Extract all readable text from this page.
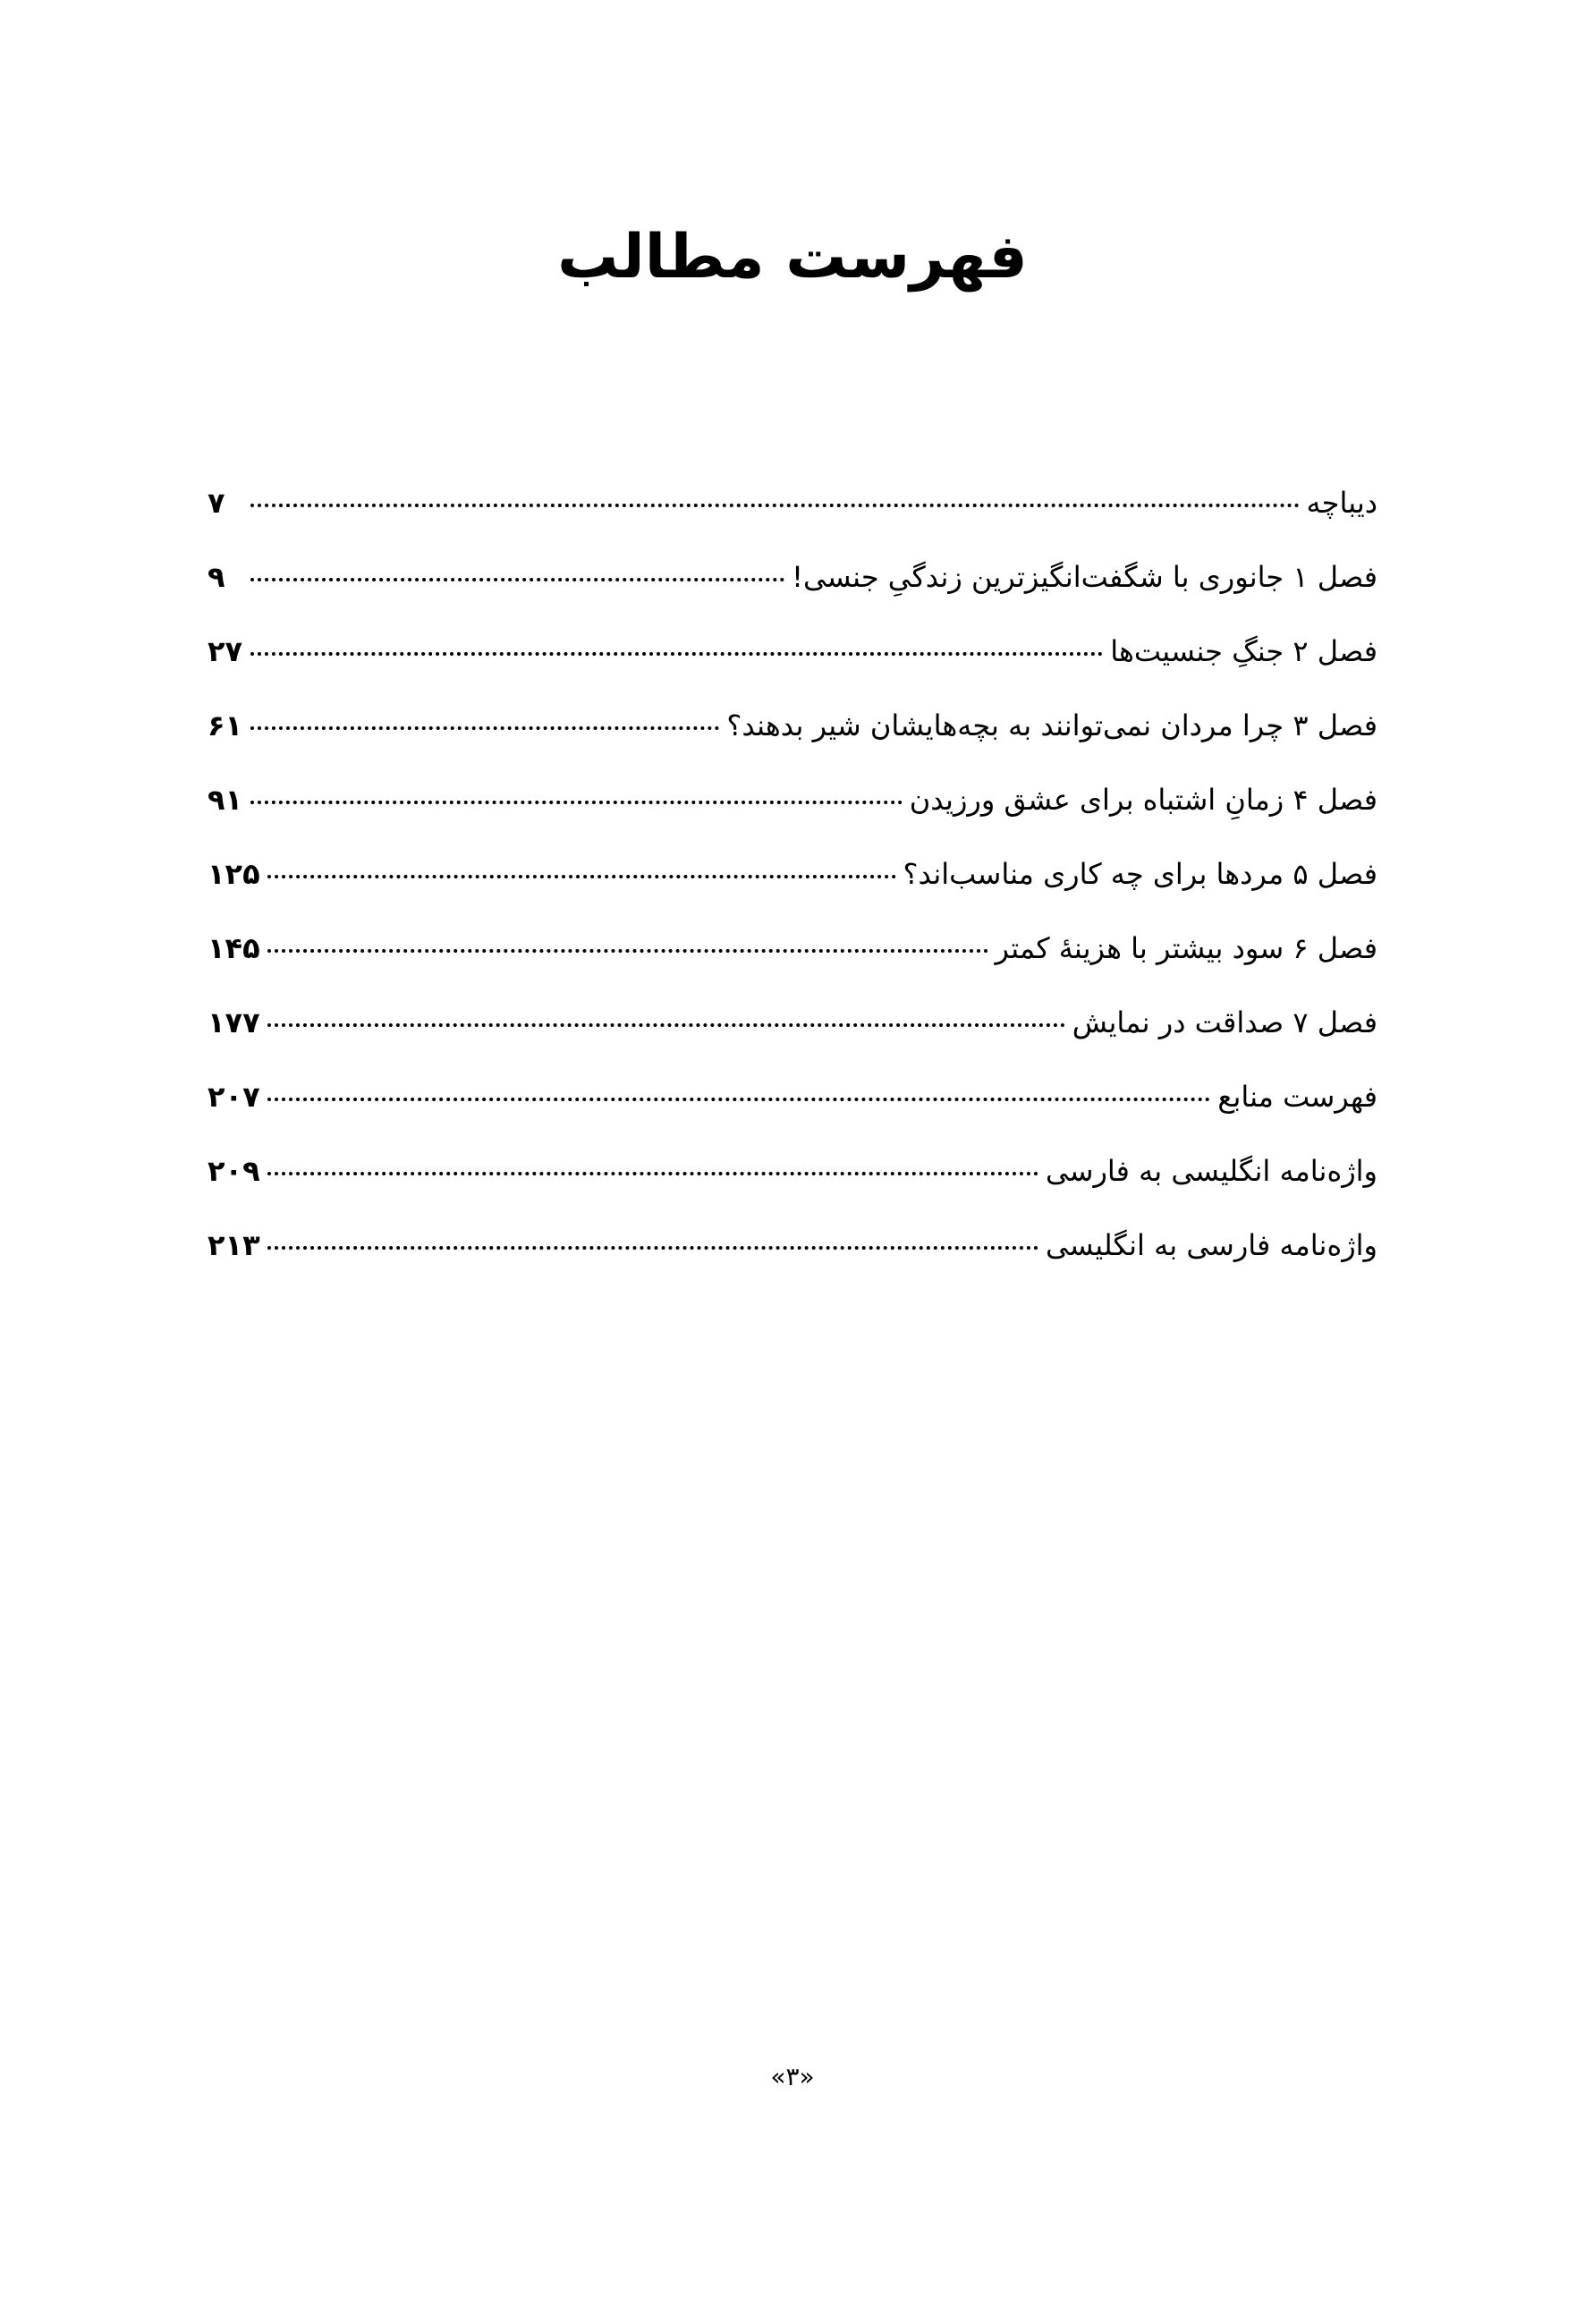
فهرست مطالب
دیباچه
۷
فصل ۱ جانوری با شگفت‌انگیزترین زندگیِ جنسی!
۹
فصل ۲ جنگِ جنسیت‌ها
۲۷
فصل ۳ چرا مردان نمی‌توانند به بچه‌هایشان شیر بدهند؟
۶۱
فصل ۴ زمانِ اشتباه برای عشق ورزیدن
۹۱
فصل ۵ مردها برای چه کاری مناسب‌اند؟
۱۲۵
فصل ۶ سود بیشتر با هزینهٔ کمتر
۱۴۵
فصل ۷ صداقت در نمایش
۱۷۷
فهرست منابع
۲۰۷
واژه‌نامه انگلیسی به فارسی
۲۰۹
واژه‌نامه فارسی به انگلیسی
۲۱۳
«۳»
